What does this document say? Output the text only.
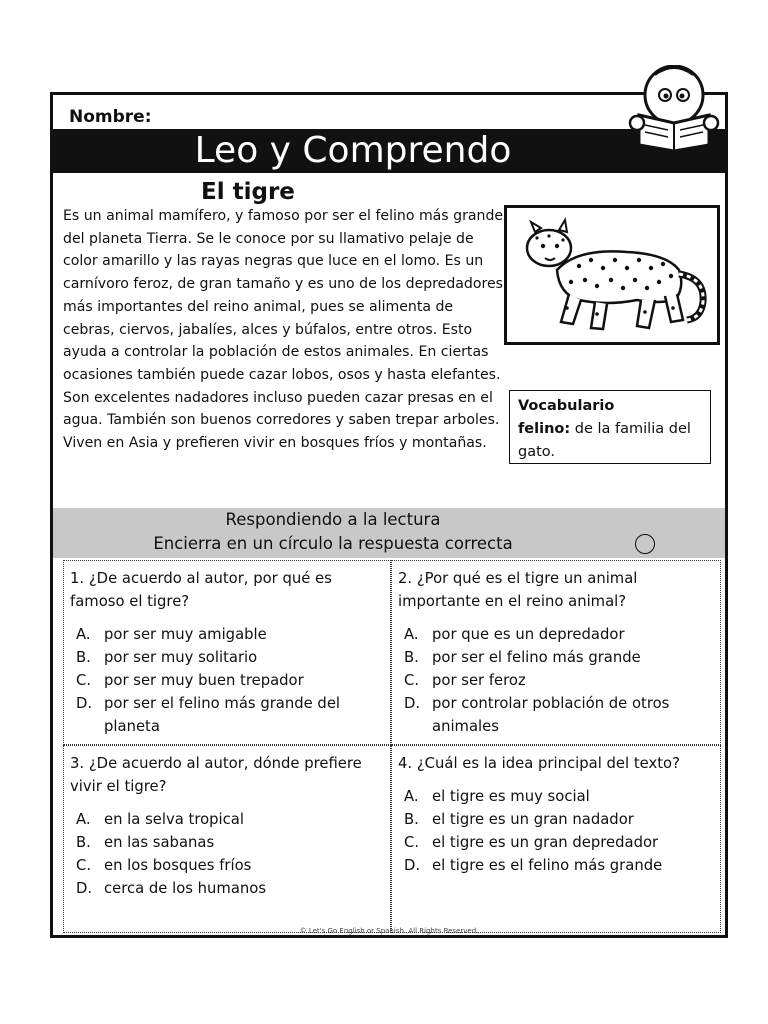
Nombre:
Leo y Comprendo
El tigre

Es un animal mamífero, y famoso por ser el felino más grande del planeta Tierra. Se le conoce por su llamativo pelaje de color amarillo y las rayas negras que luce en el lomo. Es un carnívoro feroz, de gran tamaño y es uno de los depredadores más importantes del reino animal, pues se alimenta de cebras, ciervos, jabalíes, alces y búfalos, entre otros. Esto ayuda a controlar la población de estos animales. En ciertas ocasiones también puede cazar lobos, osos y hasta elefantes. Son excelentes nadadores incluso pueden cazar presas en el agua. También son buenos corredores y saben trepar arboles. Viven en Asia y prefieren vivir en bosques fríos y montañas.

Vocabulario
felino: de la familia del gato.
Respondiendo a la lectura
Encierra en un círculo la respuesta correcta
1. ¿De acuerdo al autor, por qué es famoso el tigre?
A. por ser muy amigable
B. por ser muy solitario
C. por ser muy buen trepador
D. por ser el felino más grande del planeta
2. ¿Por qué es el tigre un animal importante en el reino animal?
A. por que es un depredador
B. por ser el felino más grande
C. por ser feroz
D. por controlar población de otros animales
3. ¿De acuerdo al autor, dónde prefiere vivir el tigre?
A. en la selva tropical
B. en las sabanas
C. en los bosques fríos
D. cerca de los humanos
4. ¿Cuál es la idea principal del texto?
A. el tigre es muy social
B. el tigre es un gran nadador
C. el tigre es un gran depredador
D. el tigre es el felino más grande
© Let's Go English or Spanish. All Rights Reserved.
